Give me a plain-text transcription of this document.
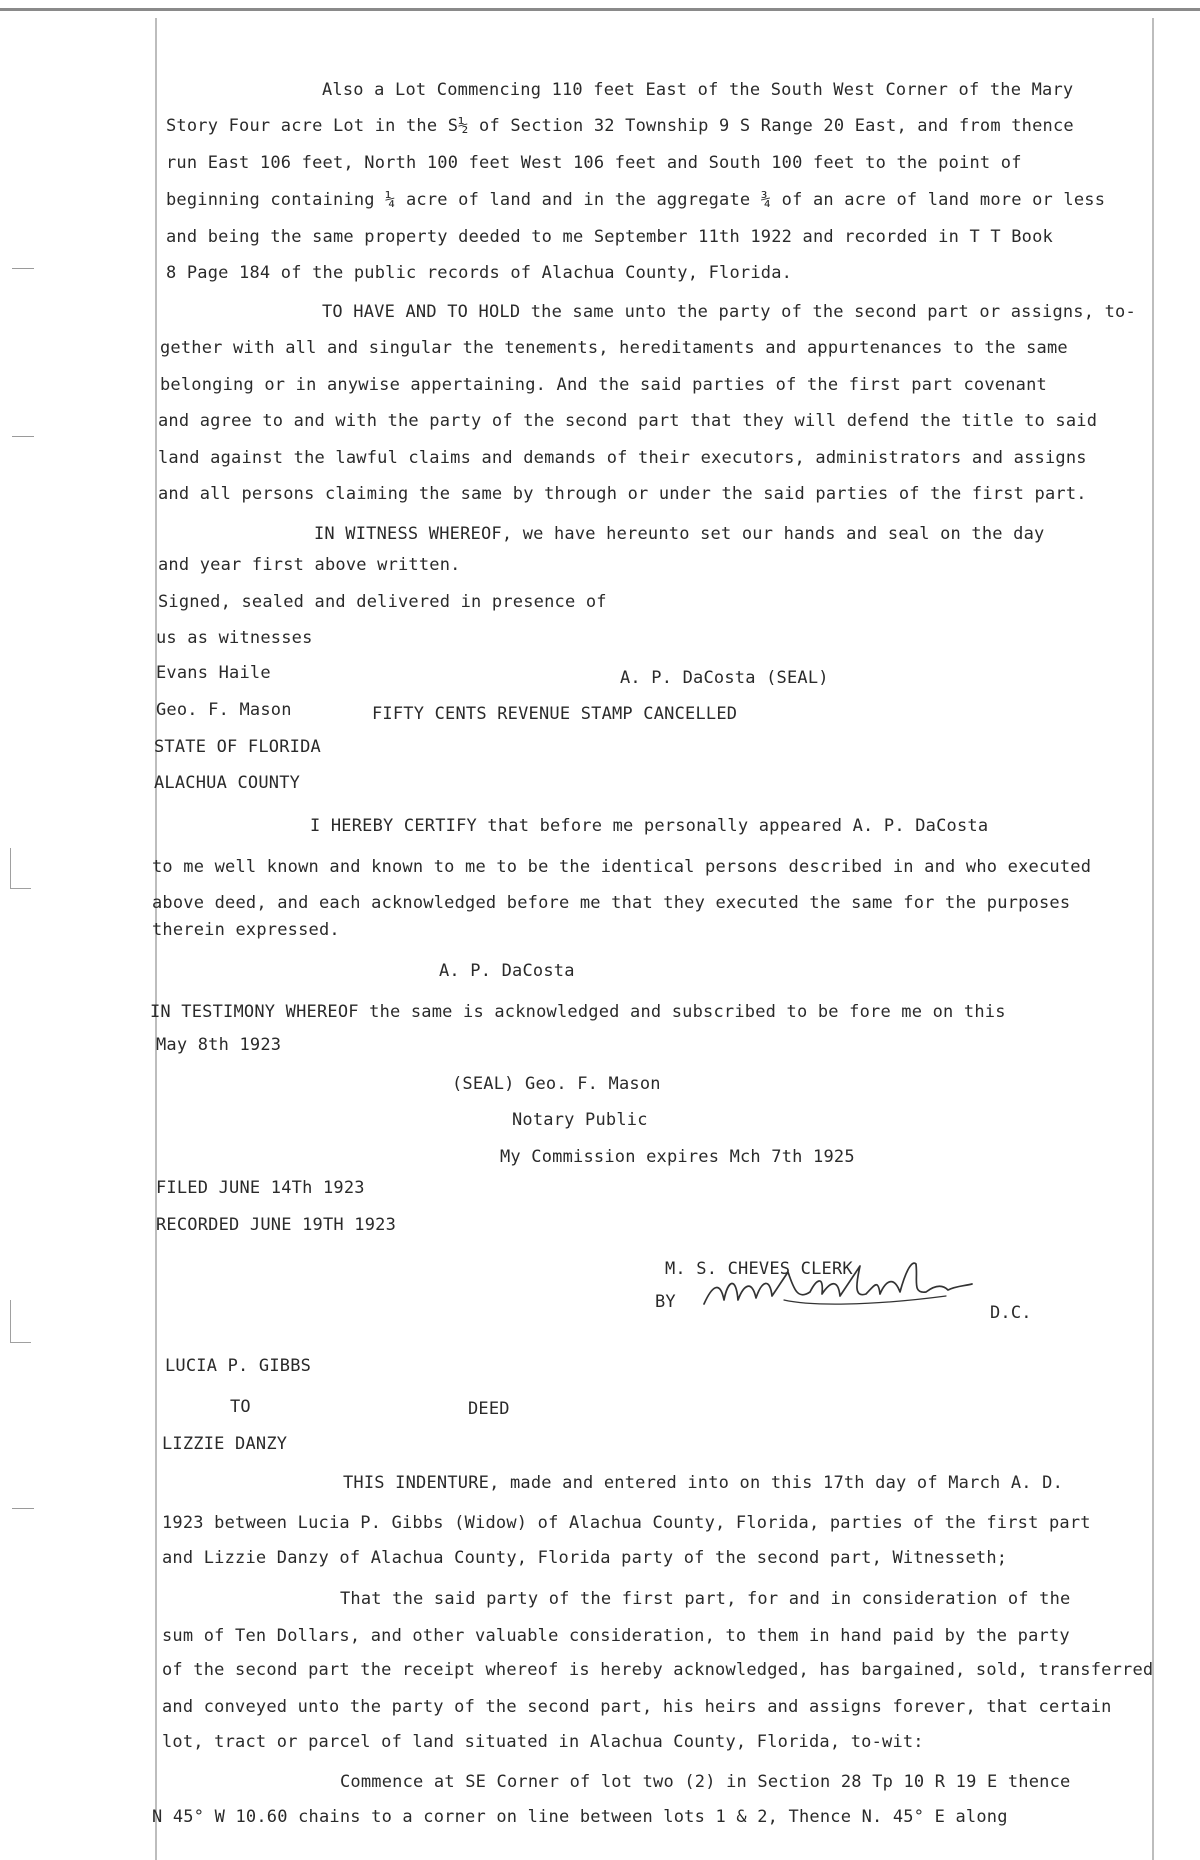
Also a Lot Commencing 110 feet East of the South West Corner of the Mary
Story Four acre Lot in the S½ of Section 32 Township 9 S Range 20 East, and from thence
run East 106 feet, North 100 feet West 106 feet and South 100 feet to the point of
beginning containing ¼ acre of land and in the aggregate ¾ of an acre of land more or less
and being the same property deeded to me September 11th 1922 and recorded in T T Book
8 Page 184 of the public records of Alachua County, Florida.
TO HAVE AND TO HOLD the same unto the party of the second part or assigns, to-
gether with all and singular the tenements, hereditaments and appurtenances to the same
belonging or in anywise appertaining. And the said parties of the first part covenant
and agree to and with the party of the second part that they will defend the title to said
land against the lawful claims and demands of their executors, administrators and assigns
and all persons claiming the same by through or under the said parties of the first part.
IN WITNESS WHEREOF, we have hereunto set our hands and seal on the day
and year first above written.
Signed, sealed and delivered in presence of
us as witnesses
Evans Haile	A. P. DaCosta (SEAL)
Geo. F. Mason	FIFTY CENTS REVENUE STAMP CANCELLED
STATE OF FLORIDA
ALACHUA COUNTY
I HEREBY CERTIFY that before me personally appeared A. P. DaCosta
to me well known and known to me to be the identical persons described in and who executed
above deed, and each acknowledged before me that they executed the same for the purposes
therein expressed.
A. P. DaCosta
IN TESTIMONY WHEREOF the same is acknowledged and subscribed to be fore me on this
May 8th 1923
(SEAL) Geo. F. Mason
Notary Public
My Commission expires Mch 7th 1925
FILED JUNE 14Th 1923
RECORDED JUNE 19TH 1923
M. S. CHEVES CLERK
BY
D.C.
LUCIA P. GIBBS
TO	DEED
LIZZIE DANZY
THIS INDENTURE, made and entered into on this 17th day of March A. D.
1923 between Lucia P. Gibbs (Widow) of Alachua County, Florida, parties of the first part
and Lizzie Danzy of Alachua County, Florida party of the second part, Witnesseth;
That the said party of the first part, for and in consideration of the
sum of Ten Dollars, and other valuable consideration, to them in hand paid by the party
of the second part the receipt whereof is hereby acknowledged, has bargained, sold, transferred
and conveyed unto the party of the second part, his heirs and assigns forever, that certain
lot, tract or parcel of land situated in Alachua County, Florida, to-wit:
Commence at SE Corner of lot two (2) in Section 28 Tp 10 R 19 E thence
N 45° W 10.60 chains to a corner on line between lots 1 & 2, Thence N. 45° E along
